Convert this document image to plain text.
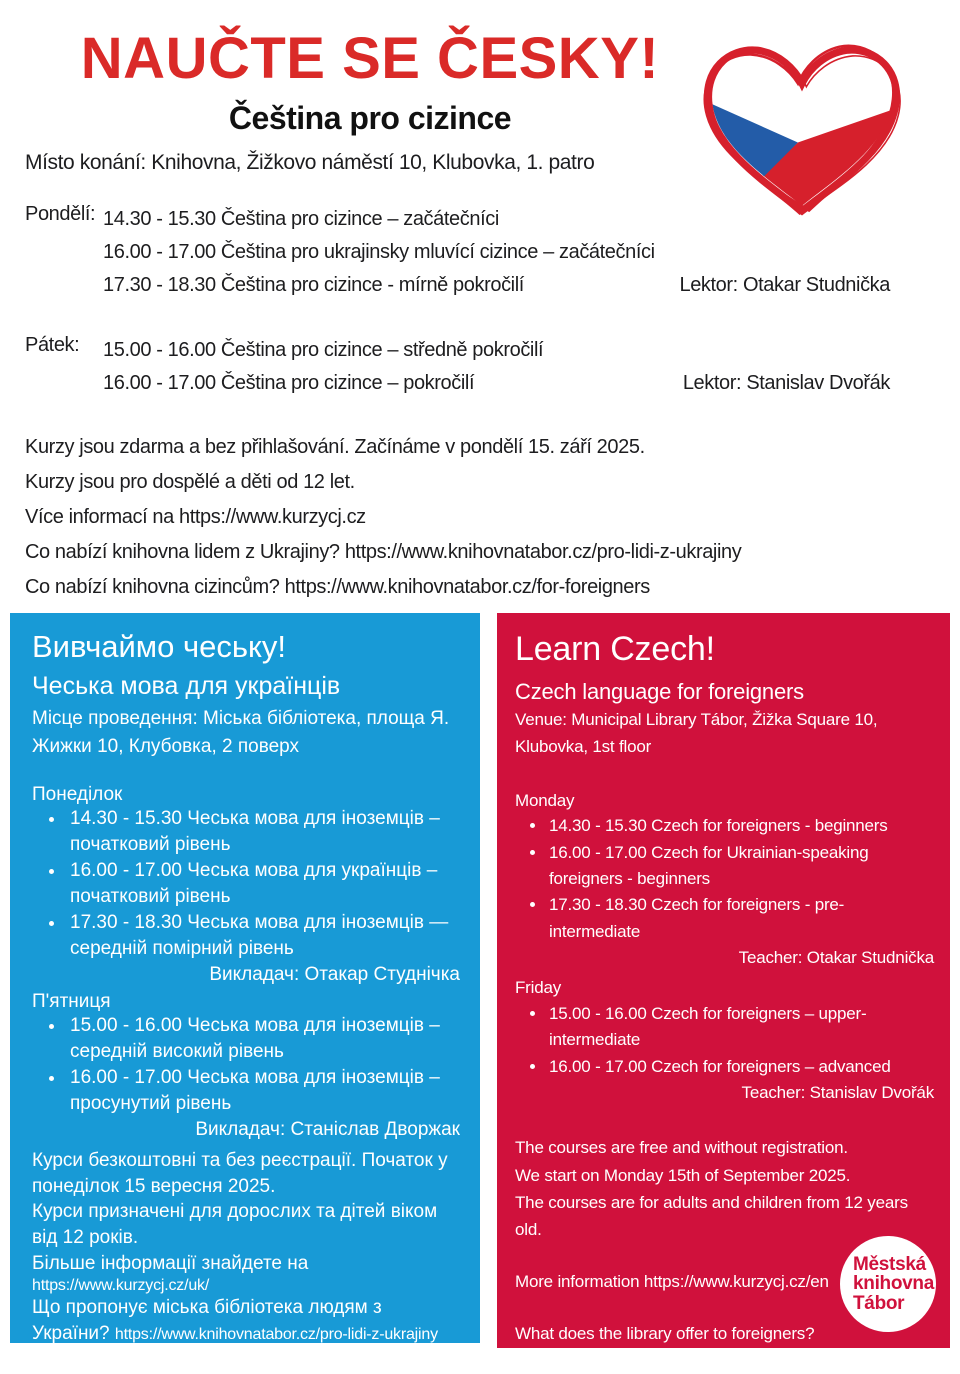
NAUČTE SE ČESKY!
Čeština pro cizince

Místo konání: Knihovna, Žižkovo náměstí 10, Klubovka, 1. patro

Pondělí: 14.30 - 15.30 Čeština pro cizince – začátečníci
16.00 - 17.00 Čeština pro ukrajinsky mluvící cizince – začátečníci
17.30 - 18.30 Čeština pro cizince - mírně pokročilí	Lektor: Otakar Studnička
Pátek: 15.00 - 16.00 Čeština pro cizince – středně pokročilí
16.00 - 17.00 Čeština pro cizince – pokročilí	Lektor: Stanislav Dvořák

Kurzy jsou zdarma a bez přihlašování. Začínáme v pondělí 15. září 2025.

Kurzy jsou pro dospělé a děti od 12 let.

Více informací na https://www.kurzycj.cz

Co nabízí knihovna lidem z Ukrajiny? https://www.knihovnatabor.cz/pro-lidi-z-ukrajiny

Co nabízí knihovna cizincům? https://www.knihovnatabor.cz/for-foreigners

Вивчаймо чеську!
Чеська мова для українців

Місце проведення: Міська бібліотека, площа Я. Жижки 10, Клубовка, 2 поверх

Понеділок
• 14.30 - 15.30 Чеська мова для іноземців – початковий рівень
• 16.00 - 17.00 Чеська мова для українців – початковий рівень
• 17.30 - 18.30 Чеська мова для іноземців — середній помірний рівень
Викладач: Отакар Студнічка
П'ятниця
• 15.00 - 16.00 Чеська мова для іноземців – середній високий рівень
• 16.00 - 17.00 Чеська мова для іноземців – просунутий рівень
Викладач: Станіслав Дворжак

Курси безкоштовні та без реєстрації. Початок у понеділок 15 вересня 2025.

Курси призначені для дорослих та дітей віком від 12 років.

Більше інформації знайдете на

https://www.kurzycj.cz/uk/

Що пропонує міська бібліотека людям з України? https://www.knihovnatabor.cz/pro-lidi-z-ukrajiny

Learn Czech!
Czech language for foreigners

Venue: Municipal Library Tábor, Žižka Square 10, Klubovka, 1st floor

Monday
• 14.30 - 15.30 Czech for foreigners - beginners
• 16.00 - 17.00 Czech for Ukrainian-speaking foreigners - beginners
• 17.30 - 18.30 Czech for foreigners - pre-intermediate
Teacher: Otakar Studnička
Friday
• 15.00 - 16.00 Czech for foreigners – upper-intermediate
• 16.00 - 17.00 Czech for foreigners – advanced
Teacher: Stanislav Dvořák

The courses are free and without registration.

We start on Monday 15th of September 2025.

The courses are for adults and children from 12 years old.

More information https://www.kurzycj.cz/en

What does the library offer to foreigners?

https://www.knihovnatabor.cz/for-foreigners

Městská
knihovna
Tábor
